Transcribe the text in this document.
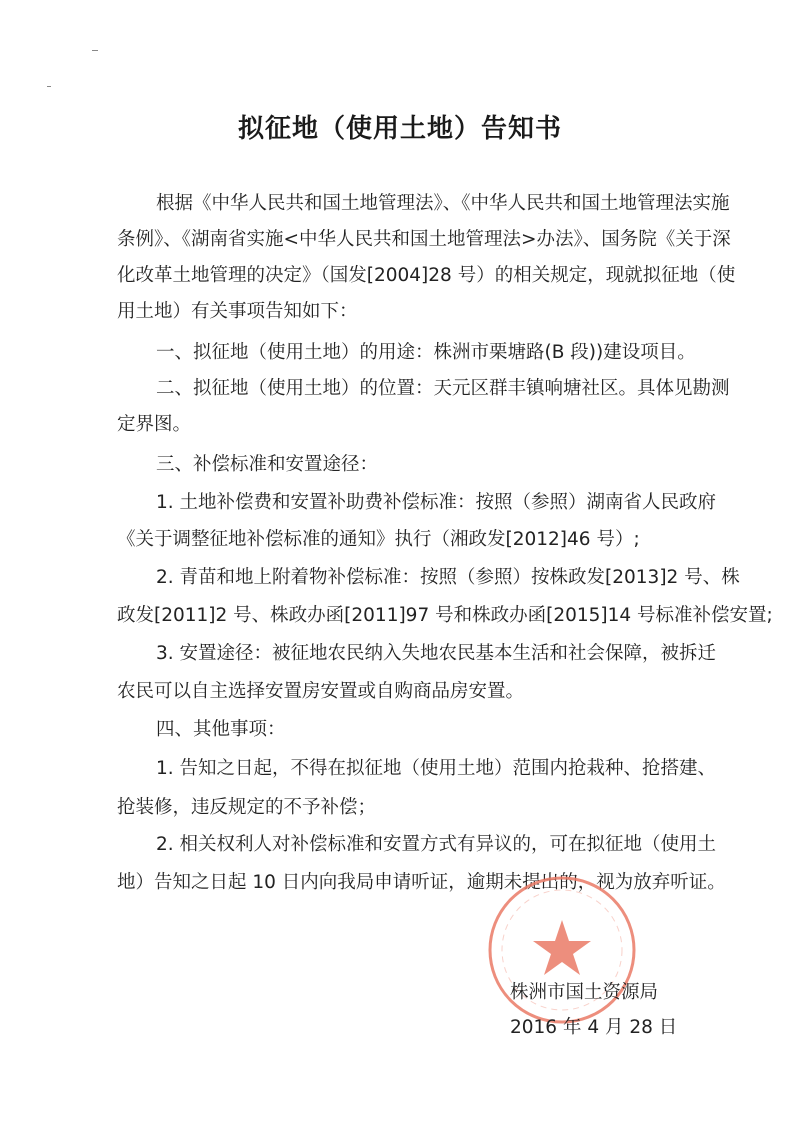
拟征地（使用土地）告知书
根据《中华人民共和国土地管理法》、《中华人民共和国土地管理法实施
条例》、《湖南省实施<中华人民共和国土地管理法>办法》、国务院《关于深
化改革土地管理的决定》（国发[2004]28 号）的相关规定，现就拟征地（使
用土地）有关事项告知如下：
一、拟征地（使用土地）的用途：株洲市栗塘路(B 段))建设项目。
二、拟征地（使用土地）的位置：天元区群丰镇响塘社区。具体见勘测
定界图。
三、补偿标准和安置途径：
1. 土地补偿费和安置补助费补偿标准：按照（参照）湖南省人民政府
《关于调整征地补偿标准的通知》执行（湘政发[2012]46 号）;
2. 青苗和地上附着物补偿标准：按照（参照）按株政发[2013]2 号、株
政发[2011]2 号、株政办函[2011]97 号和株政办函[2015]14 号标准补偿安置;
3. 安置途径：被征地农民纳入失地农民基本生活和社会保障，被拆迁
农民可以自主选择安置房安置或自购商品房安置。
四、其他事项：
1. 告知之日起，不得在拟征地（使用土地）范围内抢栽种、抢搭建、
抢装修，违反规定的不予补偿；
2. 相关权利人对补偿标准和安置方式有异议的，可在拟征地（使用土
地）告知之日起 10 日内向我局申请听证，逾期未提出的，视为放弃听证。
株洲市国土资源局
2016 年 4 月 28 日
